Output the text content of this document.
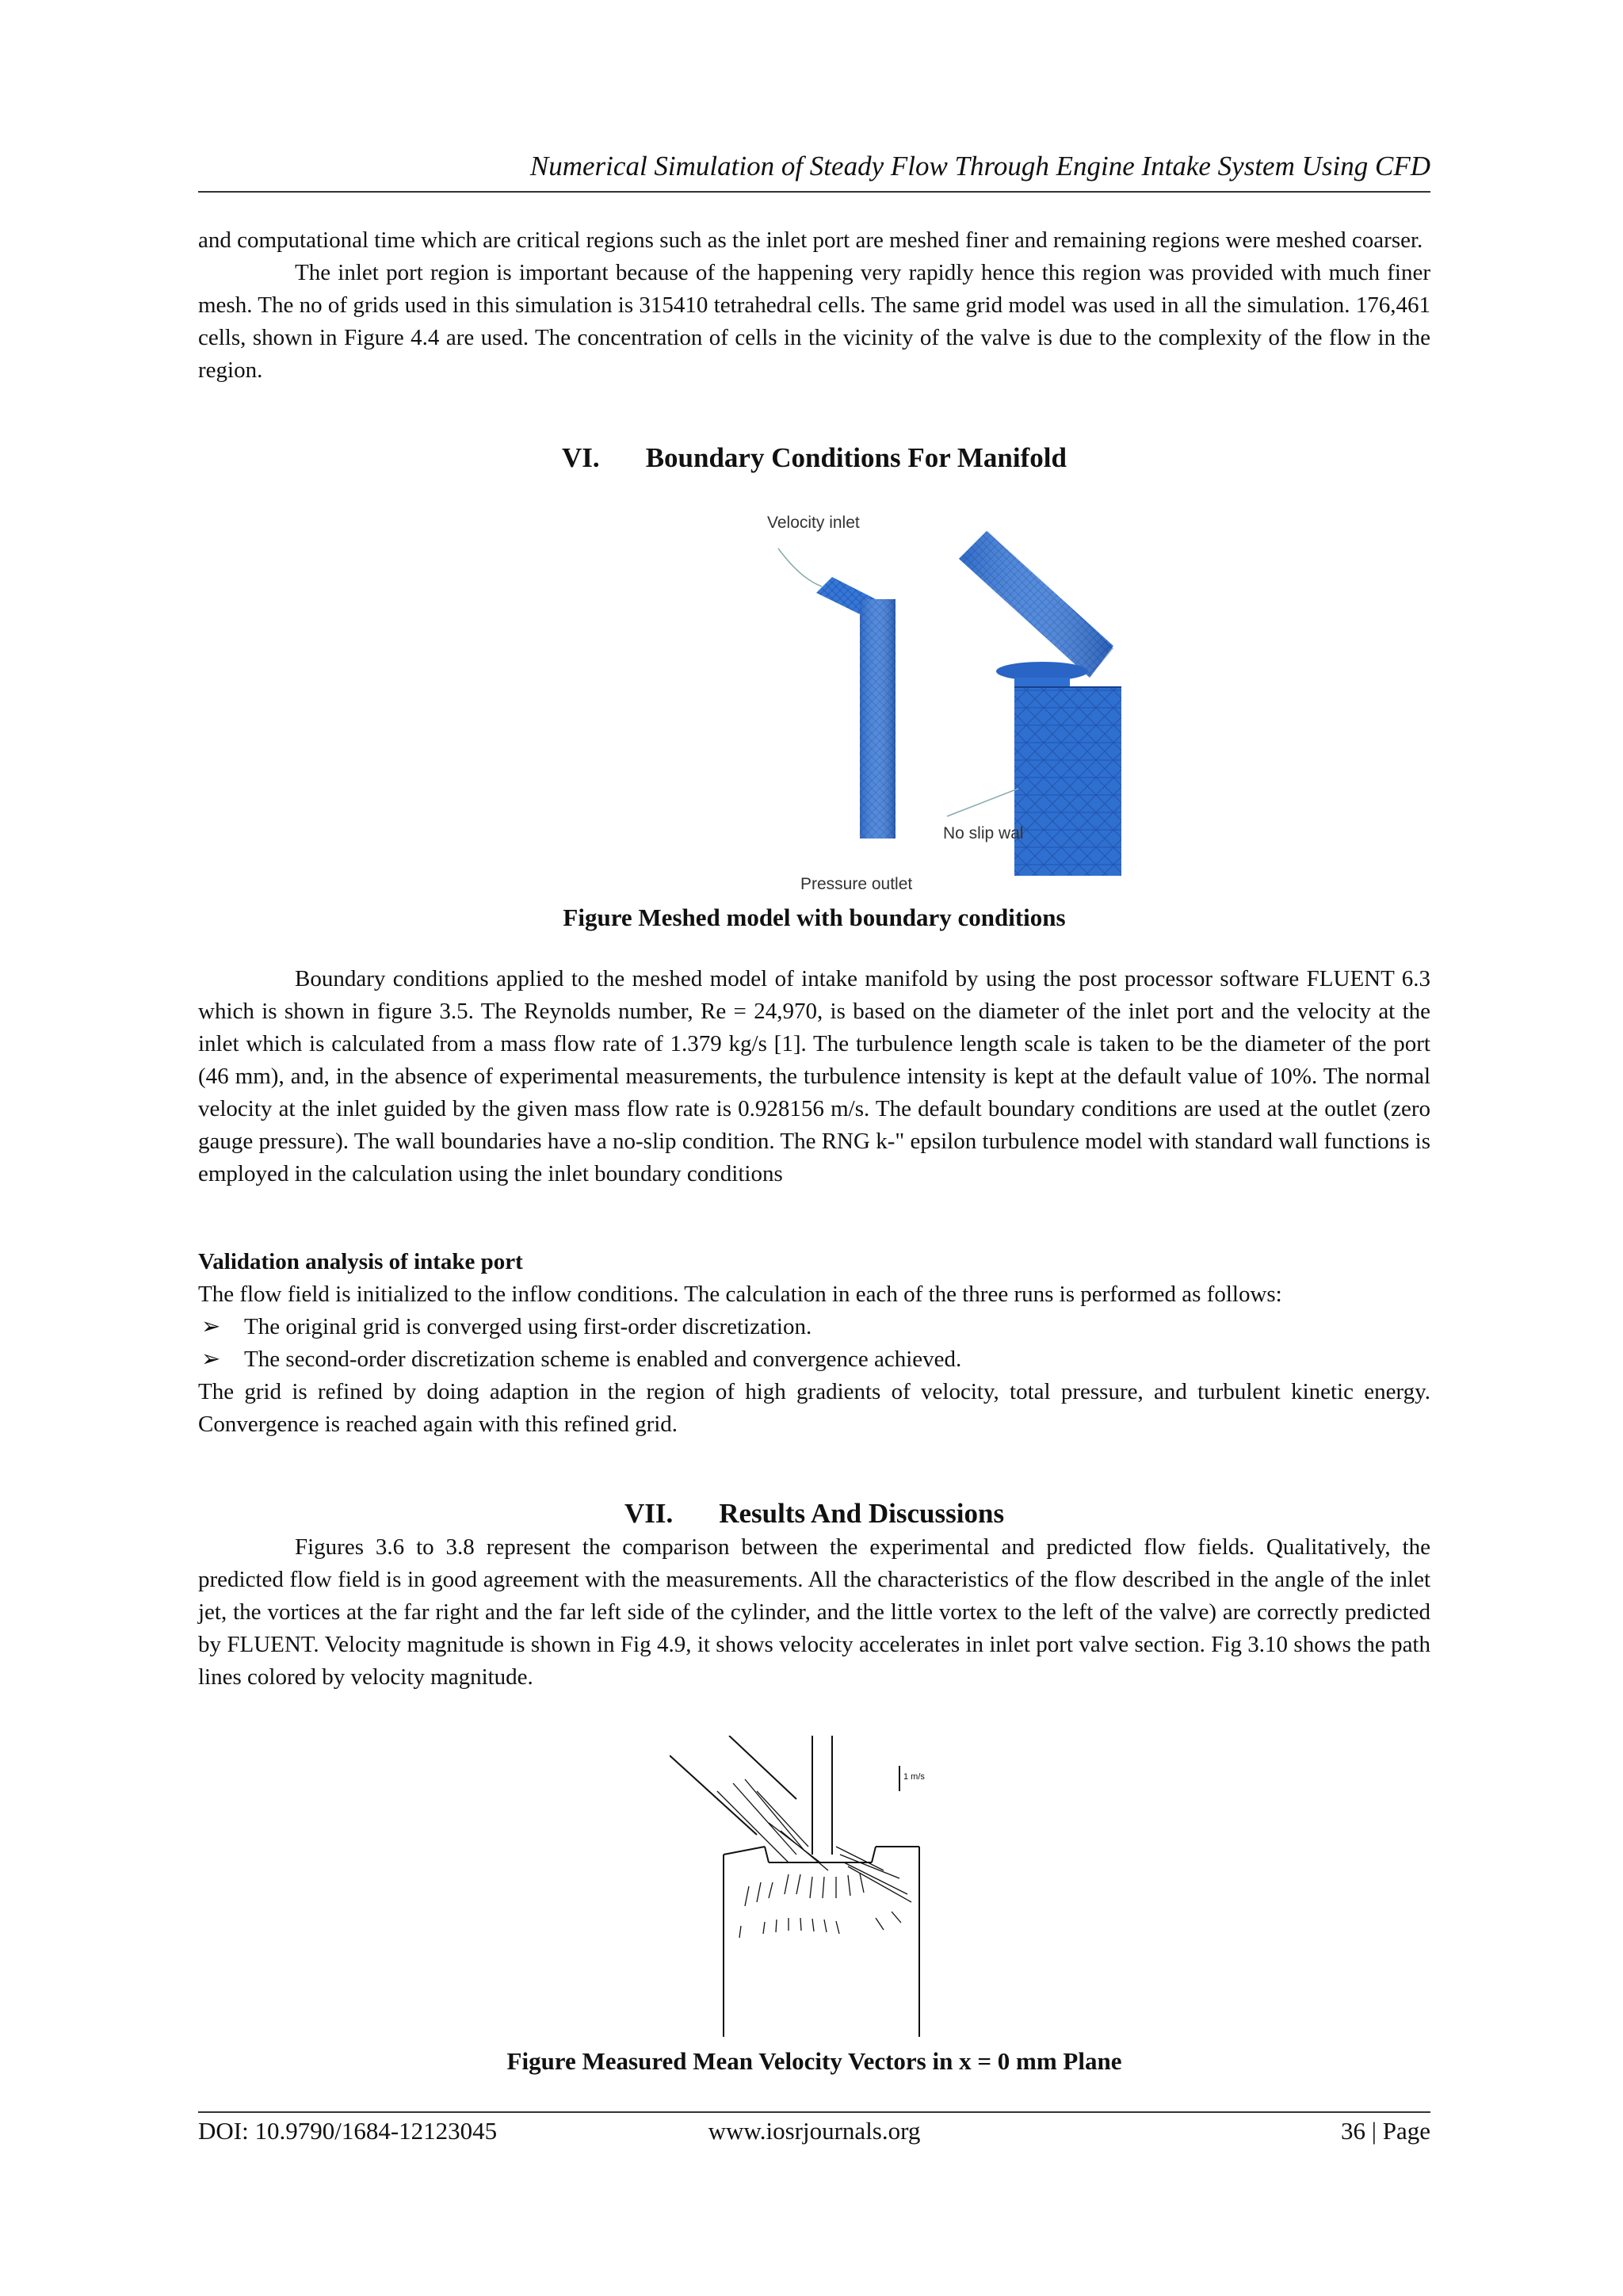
Numerical Simulation of Steady Flow Through Engine Intake System Using CFD

and computational time which are critical regions such as the inlet port are meshed finer and remaining regions were meshed coarser.

The inlet port region is important because of the happening very rapidly hence this region was provided with much finer mesh. The no of grids used in this simulation is 315410 tetrahedral cells. The same grid model was used in all the simulation. 176,461 cells, shown in Figure 4.4 are used. The concentration of cells in the vicinity of the valve is due to the complexity of the flow in the region.

VI. Boundary Conditions For Manifold
Velocity inlet
No slip wal
Pressure outlet
Figure Meshed model with boundary conditions

Boundary conditions applied to the meshed model of intake manifold by using the post processor software FLUENT 6.3 which is shown in figure 3.5. The Reynolds number, Re = 24,970, is based on the diameter of the inlet port and the velocity at the inlet which is calculated from a mass flow rate of 1.379 kg/s [1]. The turbulence length scale is taken to be the diameter of the port (46 mm), and, in the absence of experimental measurements, the turbulence intensity is kept at the default value of 10%. The normal velocity at the inlet guided by the given mass flow rate is 0.928156 m/s. The default boundary conditions are used at the outlet (zero gauge pressure). The wall boundaries have a no-slip condition. The RNG k-" epsilon turbulence model with standard wall functions is employed in the calculation using the inlet boundary conditions

Validation analysis of intake port

The flow field is initialized to the inflow conditions. The calculation in each of the three runs is performed as follows:

➢ The original grid is converged using first-order discretization.
➢ The second-order discretization scheme is enabled and convergence achieved.

The grid is refined by doing adaption in the region of high gradients of velocity, total pressure, and turbulent kinetic energy. Convergence is reached again with this refined grid.

VII. Results And Discussions

Figures 3.6 to 3.8 represent the comparison between the experimental and predicted flow fields. Qualitatively, the predicted flow field is in good agreement with the measurements. All the characteristics of the flow described in the angle of the inlet jet, the vortices at the far right and the far left side of the cylinder, and the little vortex to the left of the valve) are correctly predicted by FLUENT. Velocity magnitude is shown in Fig 4.9, it shows velocity accelerates in inlet port valve section. Fig 3.10 shows the path lines colored by velocity magnitude.

1 m/s
Figure Measured Mean Velocity Vectors in x = 0 mm Plane
DOI: 10.9790/1684-12123045	www.iosrjournals.org	36 | Page
